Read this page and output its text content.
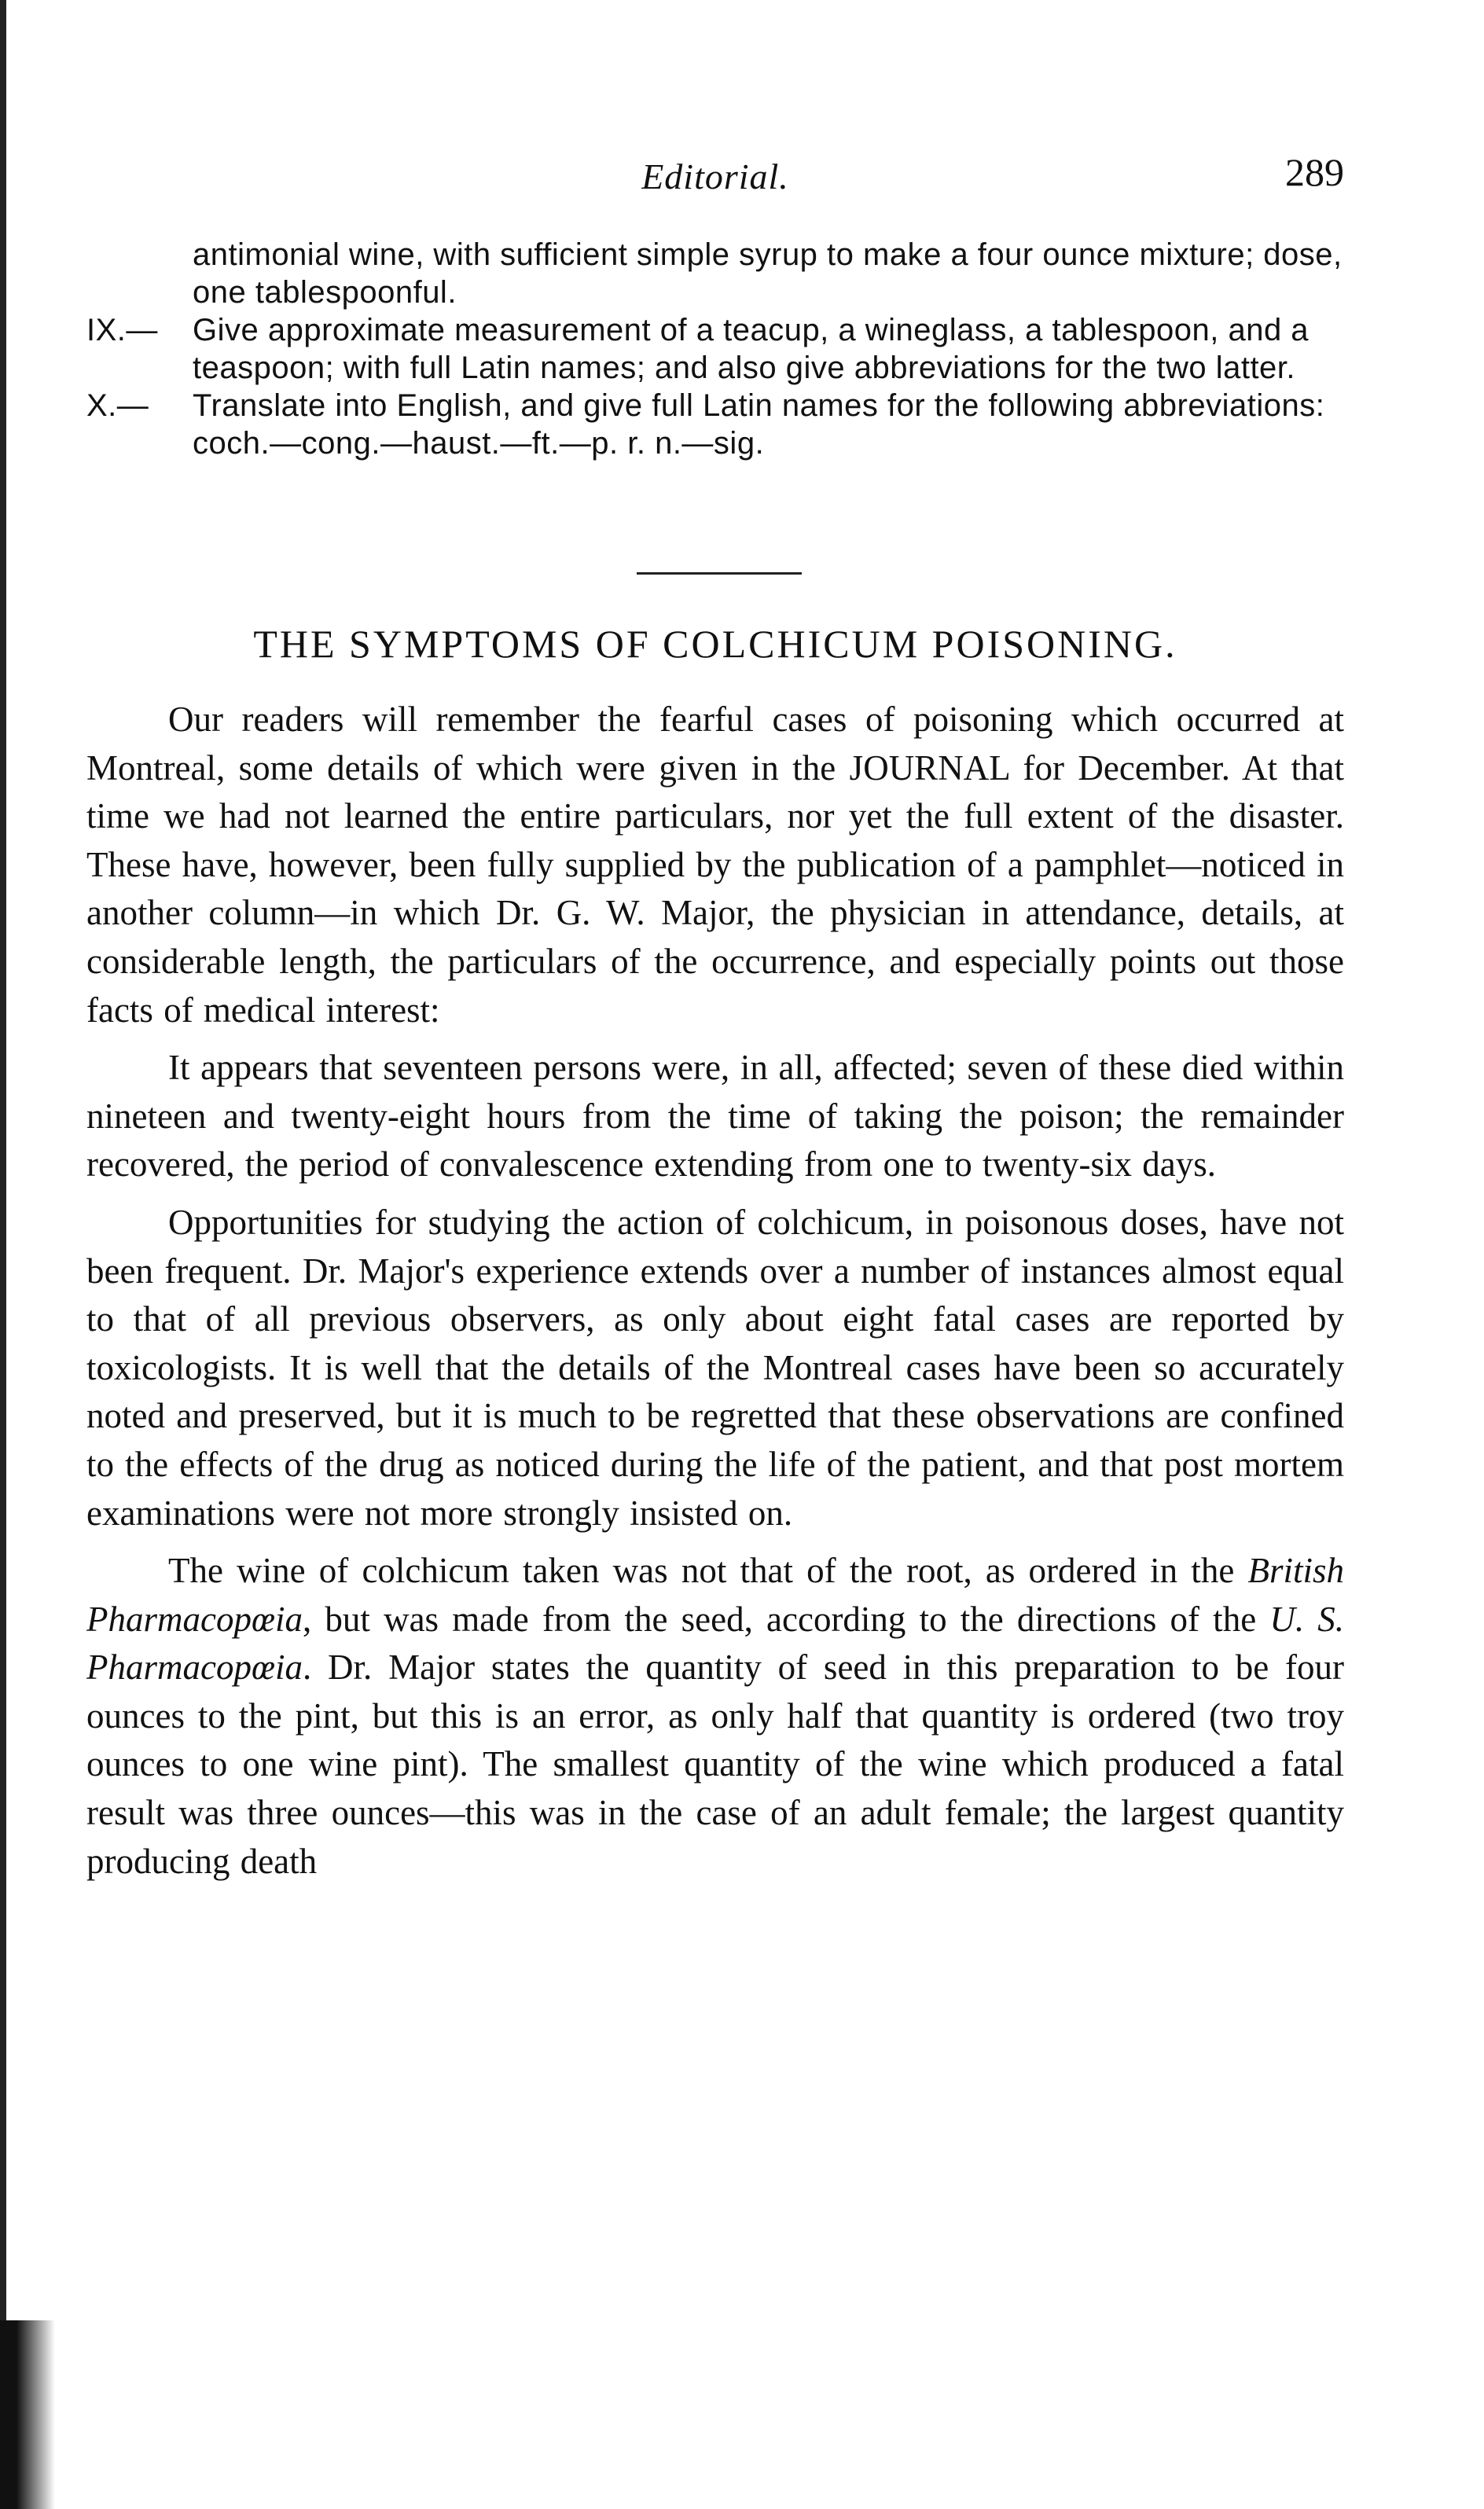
Editorial.	289
antimonial wine, with sufficient simple syrup to make a four ounce mixture; dose, one tablespoonful.
IX.—	Give approximate measurement of a teacup, a wineglass, a tablespoon, and a teaspoon; with full Latin names; and also give abbreviations for the two latter.
X.—	Translate into English, and give full Latin names for the following abbreviations: coch.—cong.—haust.—ft.—p. r. n.—sig.
THE SYMPTOMS OF COLCHICUM POISONING.

Our readers will remember the fearful cases of poisoning which occurred at Montreal, some details of which were given in the JOURNAL for December. At that time we had not learned the entire particulars, nor yet the full extent of the disaster. These have, however, been fully supplied by the publication of a pamphlet—noticed in another column—in which Dr. G. W. Major, the physician in attendance, details, at considerable length, the particulars of the occurrence, and especially points out those facts of medical interest:

It appears that seventeen persons were, in all, affected; seven of these died within nineteen and twenty-eight hours from the time of taking the poison; the remainder recovered, the period of convalescence extending from one to twenty-six days.

Opportunities for studying the action of colchicum, in poisonous doses, have not been frequent. Dr. Major's experience extends over a number of instances almost equal to that of all previous observers, as only about eight fatal cases are reported by toxicologists. It is well that the details of the Montreal cases have been so accurately noted and preserved, but it is much to be regretted that these observations are confined to the effects of the drug as noticed during the life of the patient, and that post mortem examinations were not more strongly insisted on.

The wine of colchicum taken was not that of the root, as ordered in the British Pharmacopœia, but was made from the seed, according to the directions of the U. S. Pharmacopœia. Dr. Major states the quantity of seed in this preparation to be four ounces to the pint, but this is an error, as only half that quantity is ordered (two troy ounces to one wine pint). The smallest quantity of the wine which produced a fatal result was three ounces—this was in the case of an adult female; the largest quantity producing death
